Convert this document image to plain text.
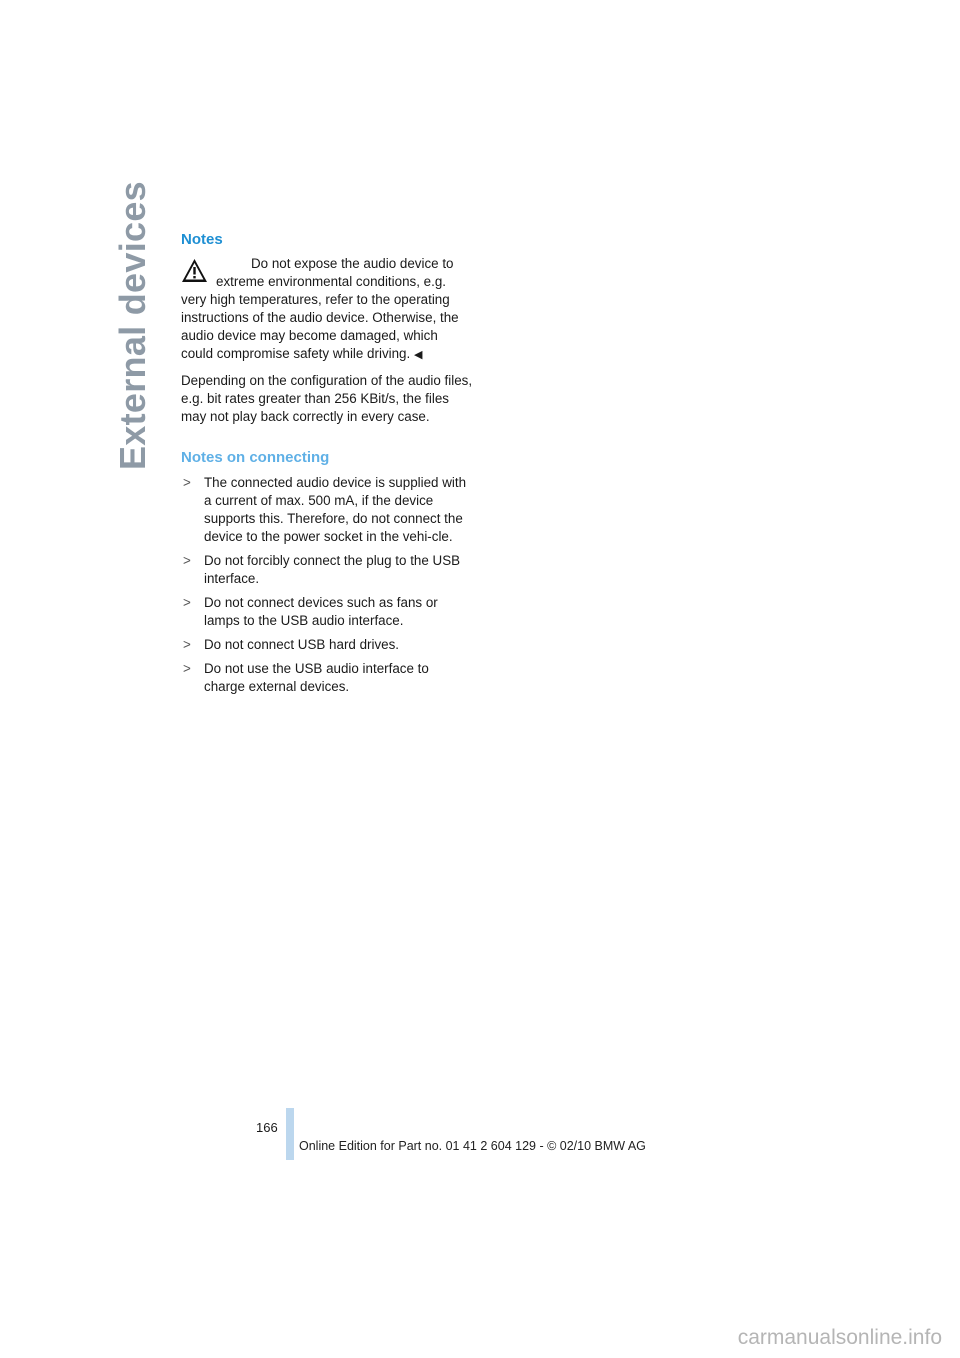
External devices Notes

Do not expose the audio device to extreme environmental conditions, e.g. very high temperatures, refer to the operating instructions of the audio device. Otherwise, the audio device may become damaged, which could compromise safety while driving. ◀

Depending on the configuration of the audio files, e.g. bit rates greater than 256 KBit/s, the files may not play back correctly in every case.

Notes on connecting
> The connected audio device is supplied with a current of max. 500 mA, if the device supports this. Therefore, do not connect the device to the power socket in the vehi-cle.
> Do not forcibly connect the plug to the USB interface.
> Do not connect devices such as fans or lamps to the USB audio interface.
> Do not connect USB hard drives.
> Do not use the USB audio interface to charge external devices.
166
Online Edition for Part no. 01 41 2 604 129 - © 02/10 BMW AG
carmanualsonline.info
